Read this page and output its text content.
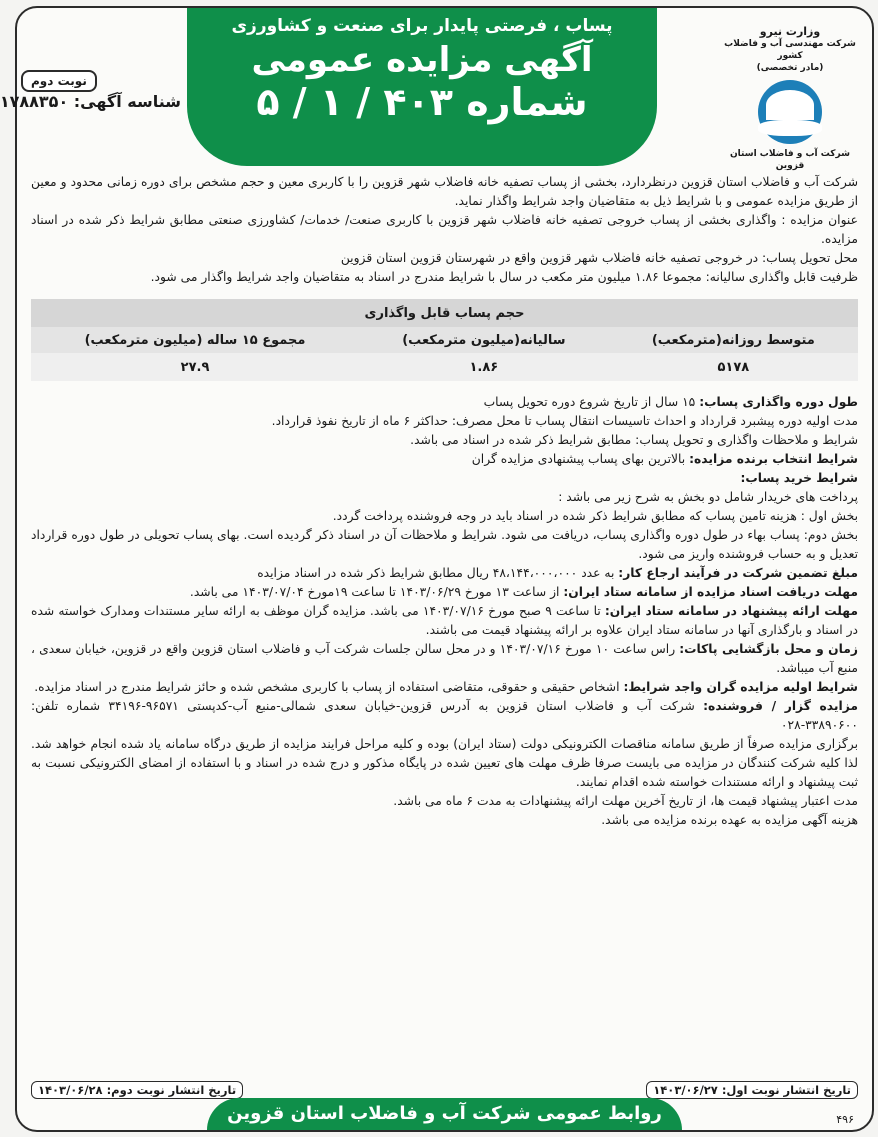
پساب ، فرصتی پایدار برای صنعت و کشاورزی
آگهی مزایده عمومی
شماره ۴۰۳ / ۱ / ۵
وزارت نیرو
شرکت مهندسی آب و فاضلاب کشور
(مادر تخصصی)
شرکت آب و فاضلاب استان قزوین
نوبت دوم
شناسه آگهی: ۱۷۸۸۳۵۰

شرکت آب و فاضلاب استان قزوین درنظردارد، بخشی از پساب تصفیه خانه فاضلاب شهر قزوین را با کاربری معین و حجم مشخص برای دوره زمانی محدود و معین از طریق مزایده عمومی و با شرایط ذیل به متقاضیان واجد شرایط واگذار نماید.

عنوان مزایده : واگذاری بخشی از پساب خروجی تصفیه خانه فاضلاب شهر قزوین با کاربری صنعت/ خدمات/ کشاورزی صنعتی مطابق شرایط ذکر شده در اسناد مزایده.

محل تحویل پساب: در خروجی تصفیه خانه فاضلاب شهر قزوین واقع در شهرستان قزوین استان قزوین

ظرفیت قابل واگذاری سالیانه: مجموعا ۱.۸۶ میلیون متر مکعب در سال با شرایط مندرج در اسناد به متقاضیان واجد شرایط واگذار می شود.

حجم پساب قابل واگذاری		
متوسط روزانه(مترمکعب)	سالیانه(میلیون مترمکعب)	مجموع ۱۵ ساله (میلیون مترمکعب)
۵۱۷۸	۱.۸۶	۲۷.۹

طول دوره واگذاری پساب: ۱۵ سال از تاریخ شروع دوره تحویل پساب

مدت اولیه دوره پیشبرد قرارداد و احداث تاسیسات انتقال پساب تا محل مصرف: حداکثر ۶ ماه از تاریخ نفوذ قرارداد.

شرایط و ملاحظات واگذاری و تحویل پساب: مطابق شرایط ذکر شده در اسناد می باشد.

شرایط انتخاب برنده مزایده: بالاترین بهای پساب پیشنهادی مزایده گران

شرایط خرید پساب:

پرداخت های خریدار شامل دو بخش به شرح زیر می باشد :

بخش اول : هزینه تامین پساب که مطابق شرایط ذکر شده در اسناد باید در وجه فروشنده پرداخت گردد.

بخش دوم: پساب بهاء در طول دوره واگذاری پساب، دریافت می شود. شرایط و ملاحظات آن در اسناد ذکر گردیده است. بهای پساب تحویلی در طول دوره قرارداد تعدیل و به حساب فروشنده واریز می شود.

مبلغ تضمین شرکت در فرآیند ارجاع کار: به عدد ۴۸،۱۴۴،۰۰۰،۰۰۰ ریال مطابق شرایط ذکر شده در اسناد مزایده

مهلت دریافت اسناد مزایده از سامانه ستاد ایران: از ساعت ۱۳ مورخ ۱۴۰۳/۰۶/۲۹ تا ساعت ۱۹مورخ ۱۴۰۳/۰۷/۰۴ می باشد.

مهلت ارائه پیشنهاد در سامانه ستاد ایران: تا ساعت ۹ صبح مورخ ۱۴۰۳/۰۷/۱۶ می باشد. مزایده گران موظف به ارائه سایر مستندات ومدارک خواسته شده در اسناد و بارگذاری آنها در سامانه ستاد ایران علاوه بر ارائه پیشنهاد قیمت می باشند.

زمان و محل بازگشایی پاکات: راس ساعت ۱۰ مورخ ۱۴۰۳/۰۷/۱۶ و در محل سالن جلسات شرکت آب و فاضلاب استان قزوین واقع در قزوین، خیابان سعدی ، منبع آب میباشد.

شرایط اولیه مزایده گران واجد شرایط: اشخاص حقیقی و حقوقی، متقاضی استفاده از پساب با کاربری مشخص شده و حائز شرایط مندرج در اسناد مزایده.

مزایده گزار / فروشنده: شرکت آب و فاضلاب استان قزوین به آدرس قزوین-خیابان سعدی شمالی-منبع آب-کدپستی ۹۶۵۷۱-۳۴۱۹۶ شماره تلفن: ۳۳۸۹۰۶۰۰-۰۲۸

برگزاری مزایده صرفاً از طریق سامانه مناقصات الکترونیکی دولت (ستاد ایران) بوده و کلیه مراحل فرایند مزایده از طریق درگاه سامانه یاد شده انجام خواهد شد. لذا کلیه شرکت کنندگان در مزایده می بایست صرفا ظرف مهلت های تعیین شده در پایگاه مذکور و درج شده در اسناد و با استفاده از امضای الکترونیکی نسبت به ثبت پیشنهاد و ارائه مستندات خواسته شده اقدام نمایند.

مدت اعتبار پیشنهاد قیمت ها، از تاریخ آخرین مهلت ارائه پیشنهادات به مدت ۶ ماه می باشد.

هزینه آگهی مزایده به عهده برنده مزایده می باشد.

تاریخ انتشار نوبت اول: ۱۴۰۳/۰۶/۲۷
تاریخ انتشار نوبت دوم: ۱۴۰۳/۰۶/۲۸
روابط عمومی شرکت آب و فاضلاب استان قزوین	۴۹۶
